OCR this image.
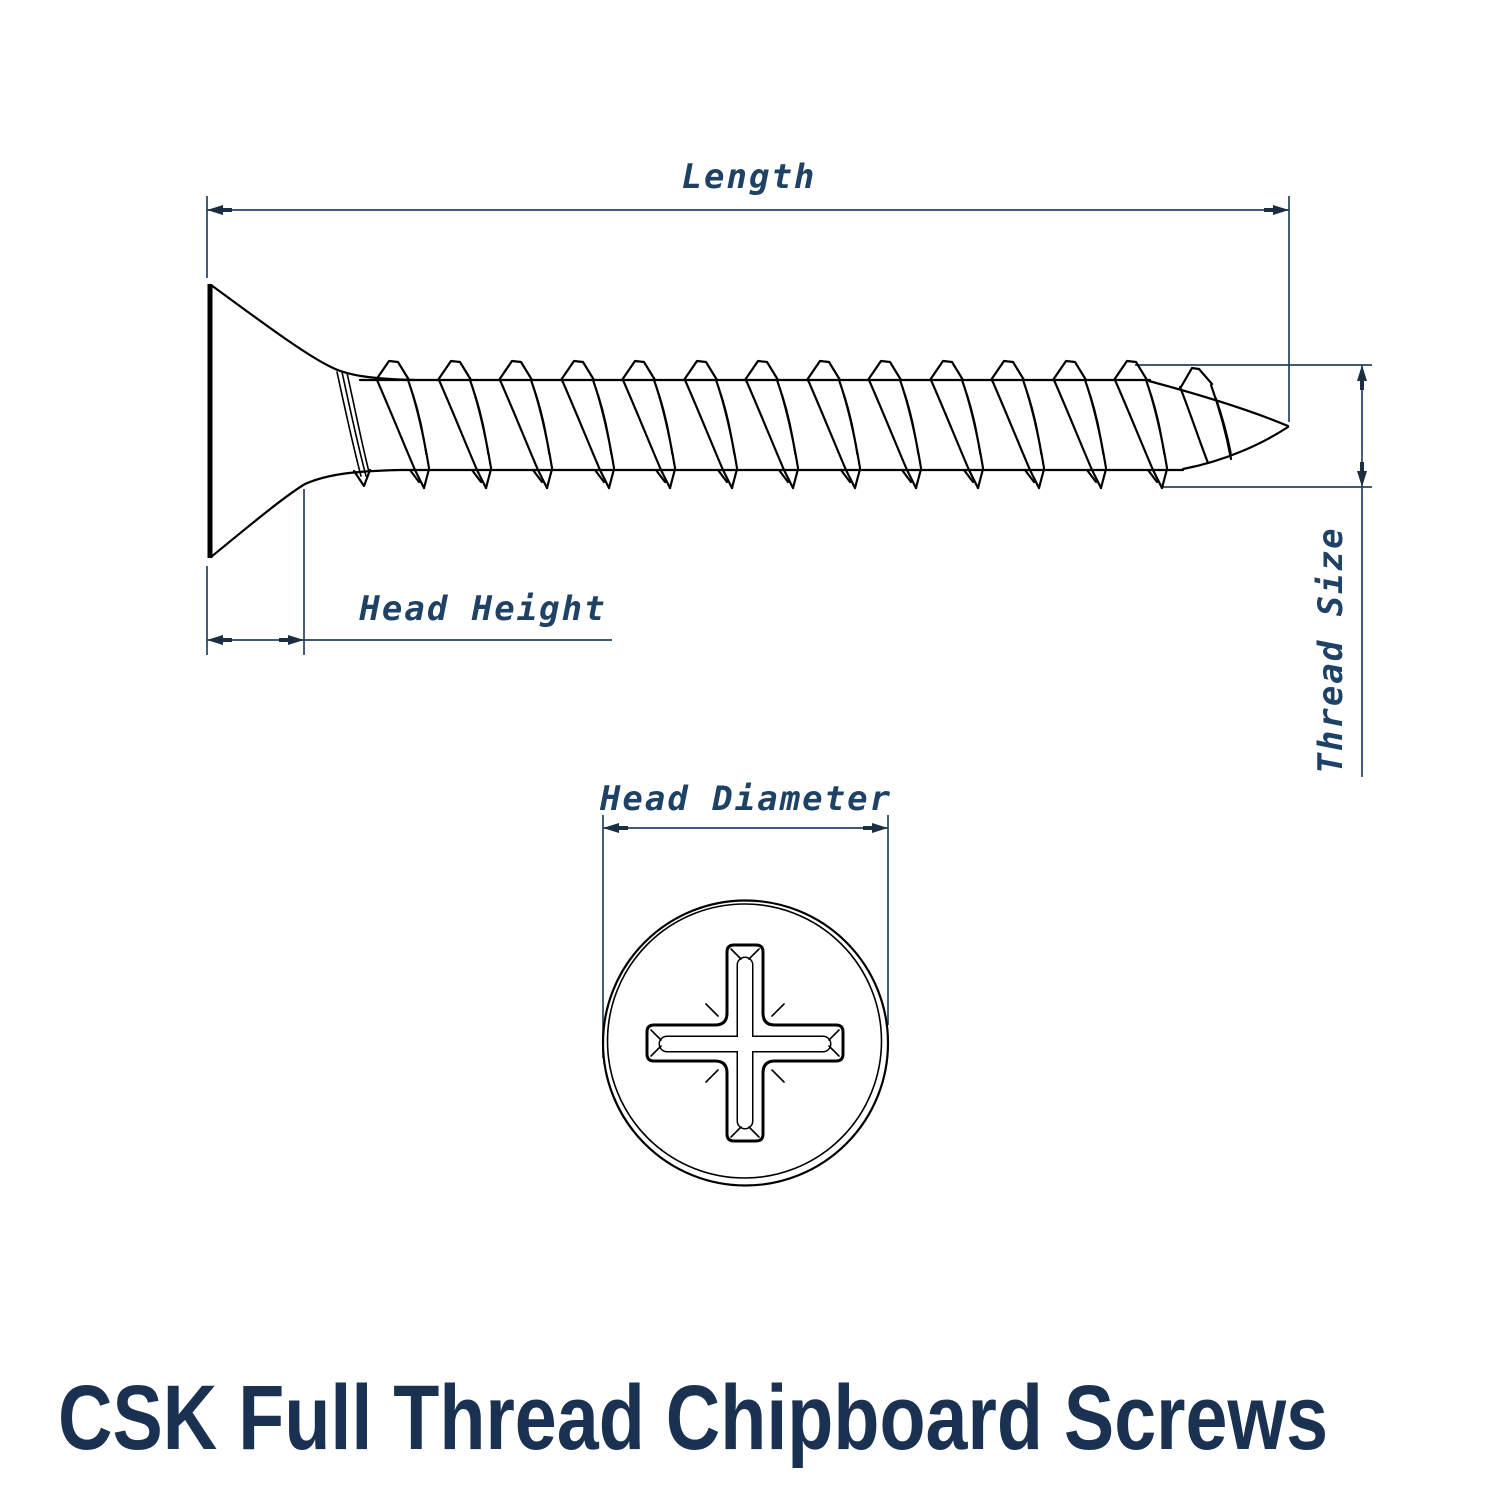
Length
Head Height	Thread Size
Head Diameter
CSK Full Thread Chipboard Screws
